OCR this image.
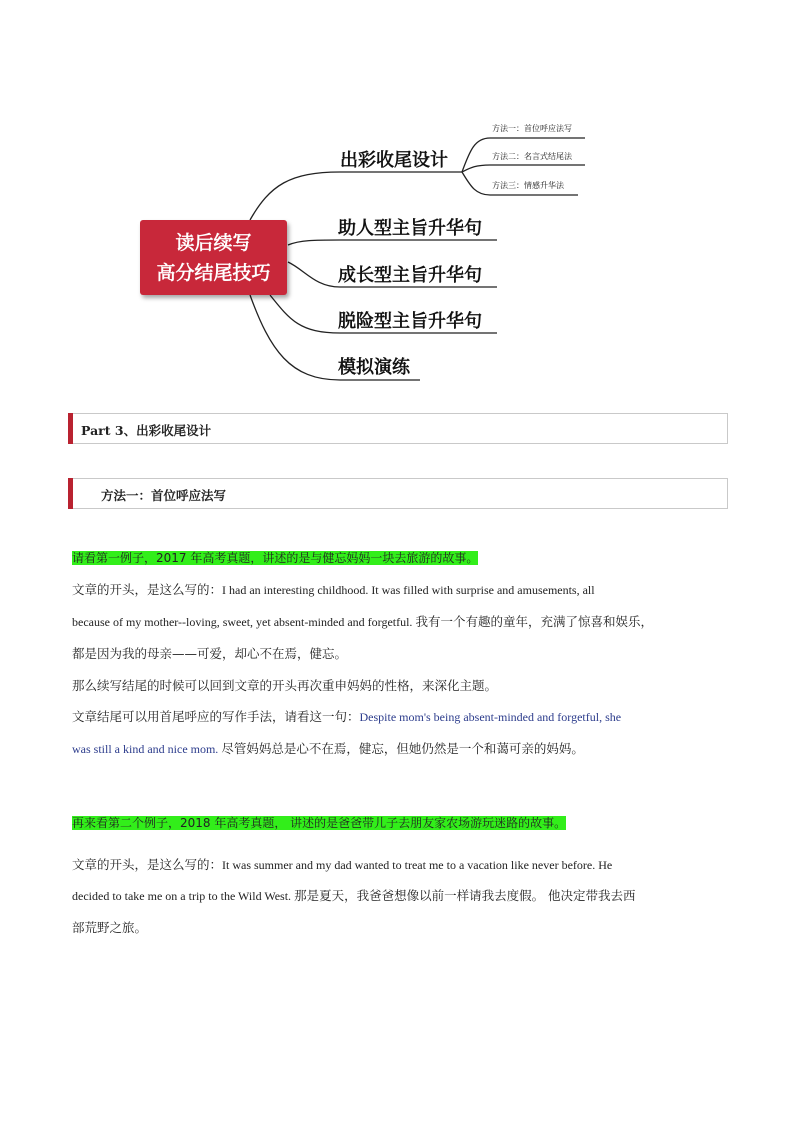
读后续写
高分结尾技巧
出彩收尾设计
助人型主旨升华句
成长型主旨升华句
脱险型主旨升华句
模拟演练
方法一：首位呼应法写
方法二：名言式结尾法
方法三：情感升华法
Part 3、出彩收尾设计
方法一：首位呼应法写
请看第一例子，2017 年高考真题，讲述的是与健忘妈妈一块去旅游的故事。
文章的开头，是这么写的：I had an interesting childhood. It was filled with surprise and amusements, all
because of my mother--loving, sweet, yet absent-minded and forgetful. 我有一个有趣的童年，充满了惊喜和娱乐，
都是因为我的母亲——可爱，却心不在焉，健忘。
那么续写结尾的时候可以回到文章的开头再次重申妈妈的性格，来深化主题。
文章结尾可以用首尾呼应的写作手法，请看这一句：Despite mom's being absent-minded and forgetful, she
was still a kind and nice mom. 尽管妈妈总是心不在焉，健忘，但她仍然是一个和蔼可亲的妈妈。
再来看第二个例子，2018 年高考真题， 讲述的是爸爸带儿子去朋友家农场游玩迷路的故事。
文章的开头，是这么写的：It was summer and my dad wanted to treat me to a vacation like never before. He
decided to take me on a trip to the Wild West. 那是夏天，我爸爸想像以前一样请我去度假。 他决定带我去西
部荒野之旅。
